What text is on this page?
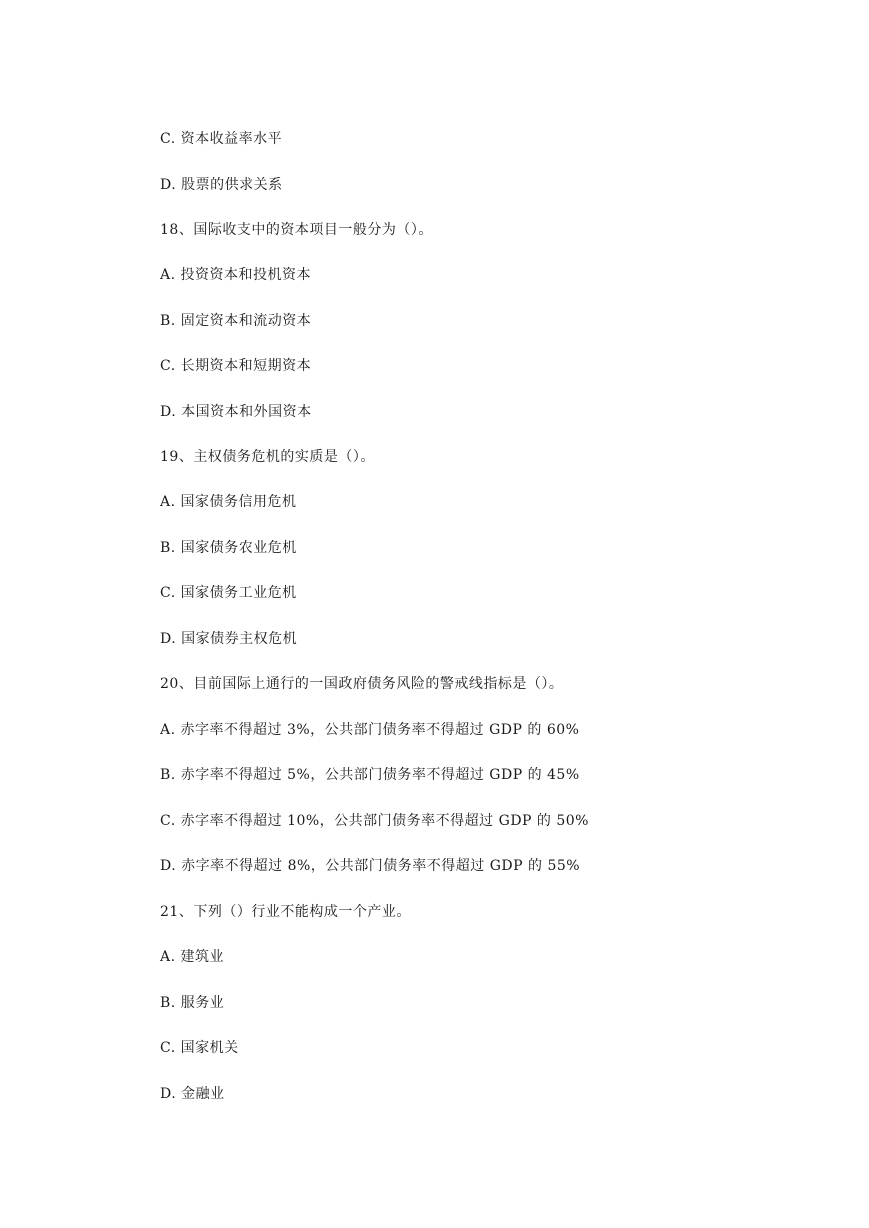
C. 资本收益率水平
D. 股票的供求关系
18、国际收支中的资本项目一般分为（）。
A. 投资资本和投机资本
B. 固定资本和流动资本
C. 长期资本和短期资本
D. 本国资本和外国资本
19、主权债务危机的实质是（）。
A. 国家债务信用危机
B. 国家债务农业危机
C. 国家债务工业危机
D. 国家债券主权危机
20、目前国际上通行的一国政府债务风险的警戒线指标是（）。
A. 赤字率不得超过 3%，公共部门债务率不得超过 GDP 的 60%
B. 赤字率不得超过 5%，公共部门债务率不得超过 GDP 的 45%
C. 赤字率不得超过 10%，公共部门债务率不得超过 GDP 的 50%
D. 赤字率不得超过 8%，公共部门债务率不得超过 GDP 的 55%
21、下列（）行业不能构成一个产业。
A. 建筑业
B. 服务业
C. 国家机关
D. 金融业
